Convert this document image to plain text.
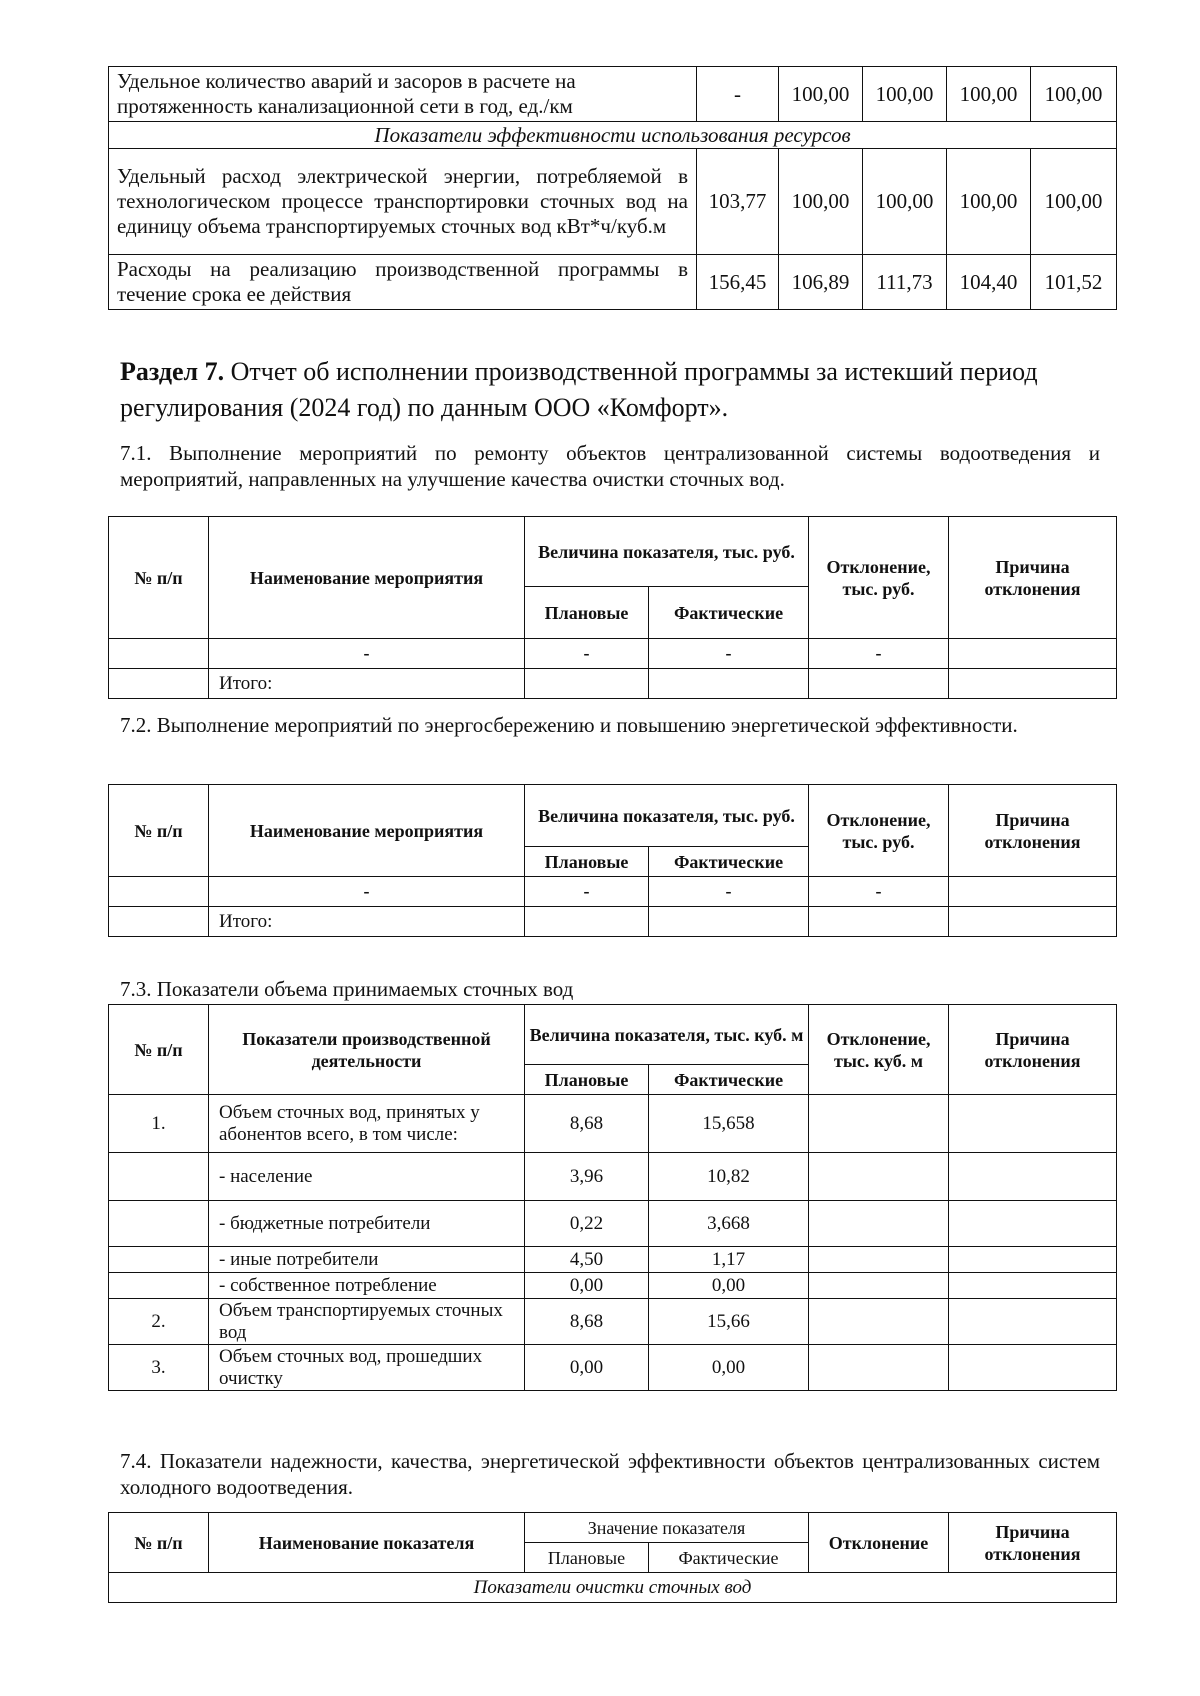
Удельное количество аварий и засоров в расчете на протяженность канализационной сети в год, ед./км	-	100,00	100,00	100,00	100,00
Показатели эффективности использования ресурсов					
Удельный расход электрической энергии, потребляемой в технологическом процессе транспортировки сточных вод на единицу объема транспортируемых сточных вод кВт*ч/куб.м	103,77	100,00	100,00	100,00	100,00
Расходы на реализацию производственной программы в течение срока ее действия	156,45	106,89	111,73	104,40	101,52
Раздел 7. Отчет об исполнении производственной программы за истекший период регулирования (2024 год) по данным ООО «Комфорт».
7.1. Выполнение мероприятий по ремонту объектов централизованной системы водоотведения и мероприятий, направленных на улучшение качества очистки сточных вод.
№ п/п	Наименование мероприятия	Величина показателя, тыс. руб.		Отклонение, тыс. руб.	Причина отклонения
		Плановые	Фактические		
	-	-	-	-	
	Итого:				
7.2. Выполнение мероприятий по энергосбережению и повышению энергетической эффективности.
№ п/п	Наименование мероприятия	Величина показателя, тыс. руб.		Отклонение, тыс. руб.	Причина отклонения
		Плановые	Фактические		
	-	-	-	-	
	Итого:				
7.3. Показатели объема принимаемых сточных вод
№ п/п	Показатели производственной деятельности	Величина показателя, тыс. куб. м		Отклонение, тыс. куб. м	Причина отклонения
		Плановые	Фактические		
1.	Объем сточных вод, принятых у абонентов всего, в том числе:	8,68	15,658		
	- население	3,96	10,82		
	- бюджетные потребители	0,22	3,668		
	- иные потребители	4,50	1,17		
	- собственное потребление	0,00	0,00		
2.	Объем транспортируемых сточных вод	8,68	15,66		
3.	Объем сточных вод, прошедших очистку	0,00	0,00		
7.4. Показатели надежности, качества, энергетической эффективности объектов централизованных систем холодного водоотведения.
№ п/п	Наименование показателя	Значение показателя		Отклонение	Причина отклонения
		Плановые	Фактические		
Показатели очистки сточных вод					
